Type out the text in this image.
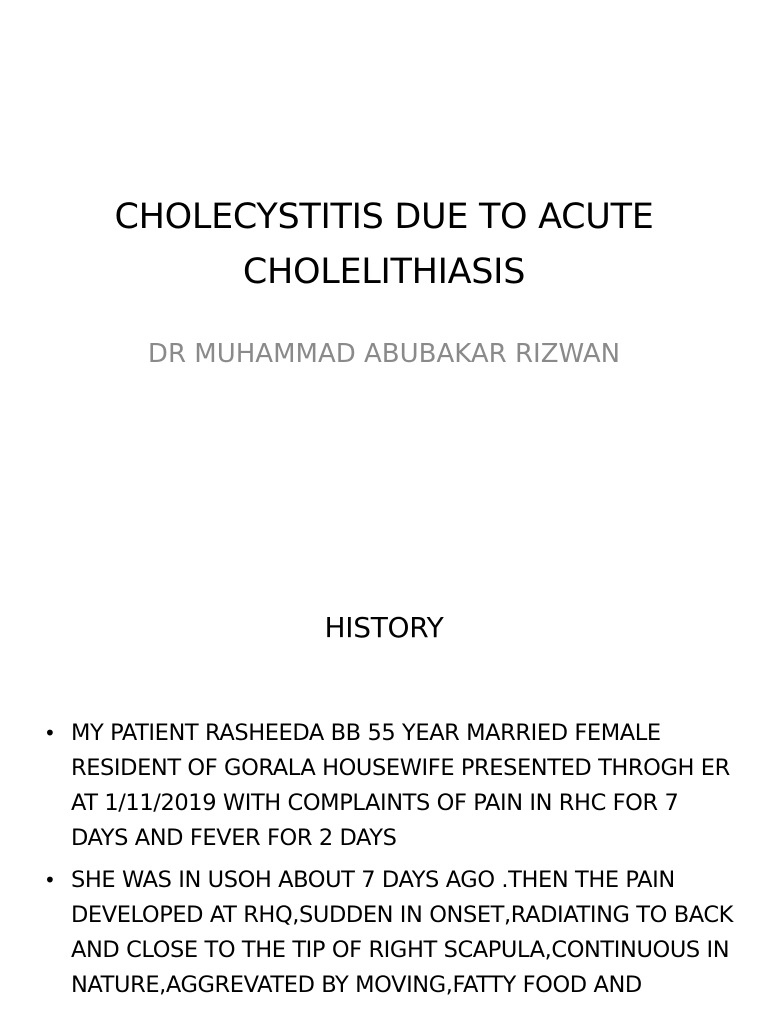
CHOLECYSTITIS DUE TO ACUTE
CHOLELITHIASIS

DR MUHAMMAD ABUBAKAR RIZWAN

HISTORY
• MY PATIENT RASHEEDA BB 55 YEAR MARRIED FEMALE RESIDENT OF GORALA HOUSEWIFE PRESENTED THROGH ER AT 1/11/2019 WITH COMPLAINTS OF PAIN IN RHC FOR 7 DAYS AND FEVER FOR 2 DAYS
• SHE WAS IN USOH ABOUT 7 DAYS AGO .THEN THE PAIN DEVELOPED AT RHQ,SUDDEN IN ONSET,RADIATING TO BACK AND CLOSE TO THE TIP OF RIGHT SCAPULA,CONTINUOUS IN NATURE,AGGREVATED BY MOVING,FATTY FOOD AND
